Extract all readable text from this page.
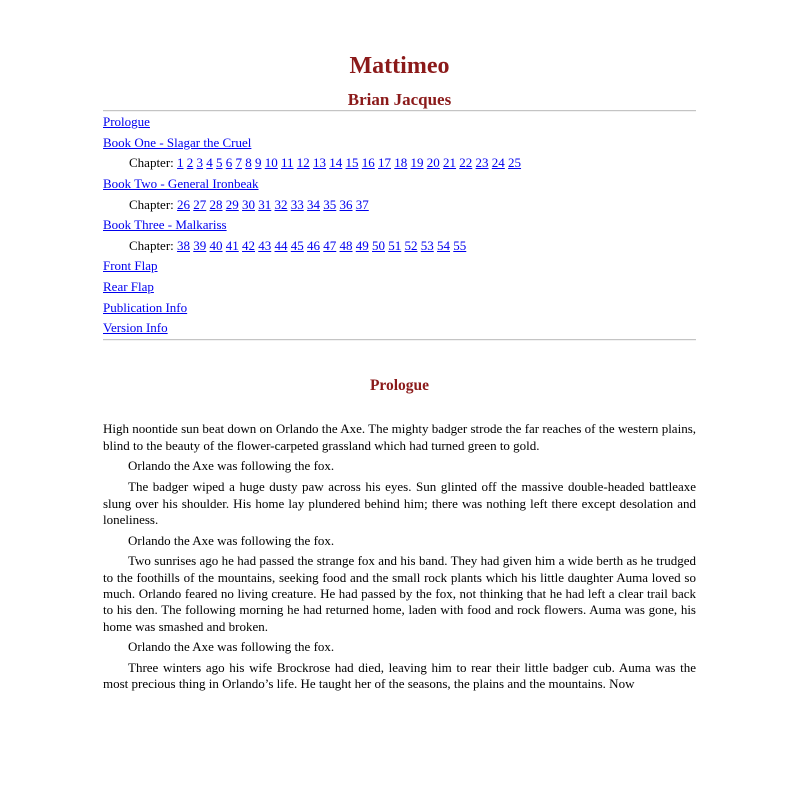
Mattimeo
Brian Jacques
Prologue
Book One - Slagar the Cruel
Chapter: 1 2 3 4 5 6 7 8 9 10 11 12 13 14 15 16 17 18 19 20 21 22 23 24 25
Book Two - General Ironbeak
Chapter: 26 27 28 29 30 31 32 33 34 35 36 37
Book Three - Malkariss
Chapter: 38 39 40 41 42 43 44 45 46 47 48 49 50 51 52 53 54 55
Front Flap
Rear Flap
Publication Info
Version Info
Prologue

High noontide sun beat down on Orlando the Axe. The mighty badger strode the far reaches of the western plains, blind to the beauty of the flower-carpeted grassland which had turned green to gold.

Orlando the Axe was following the fox.

The badger wiped a huge dusty paw across his eyes. Sun glinted off the massive double-headed battleaxe slung over his shoulder. His home lay plundered behind him; there was nothing left there except desolation and loneliness.

Orlando the Axe was following the fox.

Two sunrises ago he had passed the strange fox and his band. They had given him a wide berth as he trudged to the foothills of the mountains, seeking food and the small rock plants which his little daughter Auma loved so much. Orlando feared no living creature. He had passed by the fox, not thinking that he had left a clear trail back to his den. The following morning he had returned home, laden with food and rock flowers. Auma was gone, his home was smashed and broken.

Orlando the Axe was following the fox.

Three winters ago his wife Brockrose had died, leaving him to rear their little badger cub. Auma was the most precious thing in Orlando’s life. He taught her of the seasons, the plains and the mountains. Now
